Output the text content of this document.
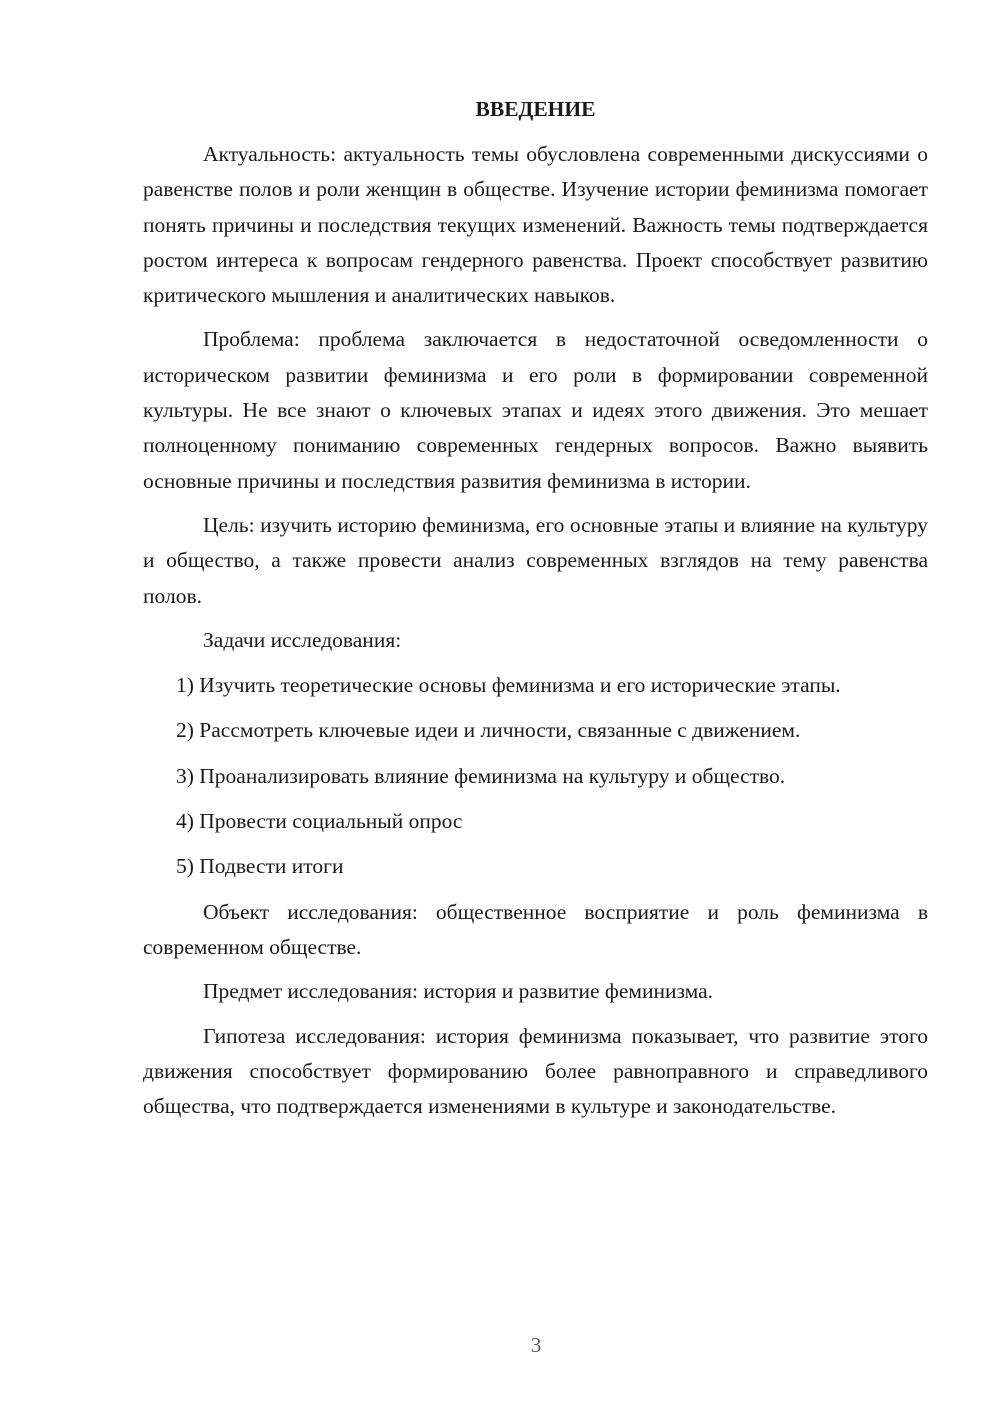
ВВЕДЕНИЕ

Актуальность: актуальность темы обусловлена современными дискуссиями о равенстве полов и роли женщин в обществе. Изучение истории феминизма помогает понять причины и последствия текущих изменений. Важность темы подтверждается ростом интереса к вопросам гендерного равенства. Проект способствует развитию критического мышления и аналитических навыков.

Проблема: проблема заключается в недостаточной осведомленности о историческом развитии феминизма и его роли в формировании современной культуры. Не все знают о ключевых этапах и идеях этого движения. Это мешает полноценному пониманию современных гендерных вопросов. Важно выявить основные причины и последствия развития феминизма в истории.

Цель: изучить историю феминизма, его основные этапы и влияние на культуру и общество, а также провести анализ современных взглядов на тему равенства полов.

Задачи исследования:

1) Изучить теоретические основы феминизма и его исторические этапы.

2) Рассмотреть ключевые идеи и личности, связанные с движением.

3) Проанализировать влияние феминизма на культуру и общество.

4) Провести социальный опрос

5) Подвести итоги

Объект исследования: общественное восприятие и роль феминизма в современном обществе.

Предмет исследования: история и развитие феминизма.

Гипотеза исследования: история феминизма показывает, что развитие этого движения способствует формированию более равноправного и справедливого общества, что подтверждается изменениями в культуре и законодательстве.

3
